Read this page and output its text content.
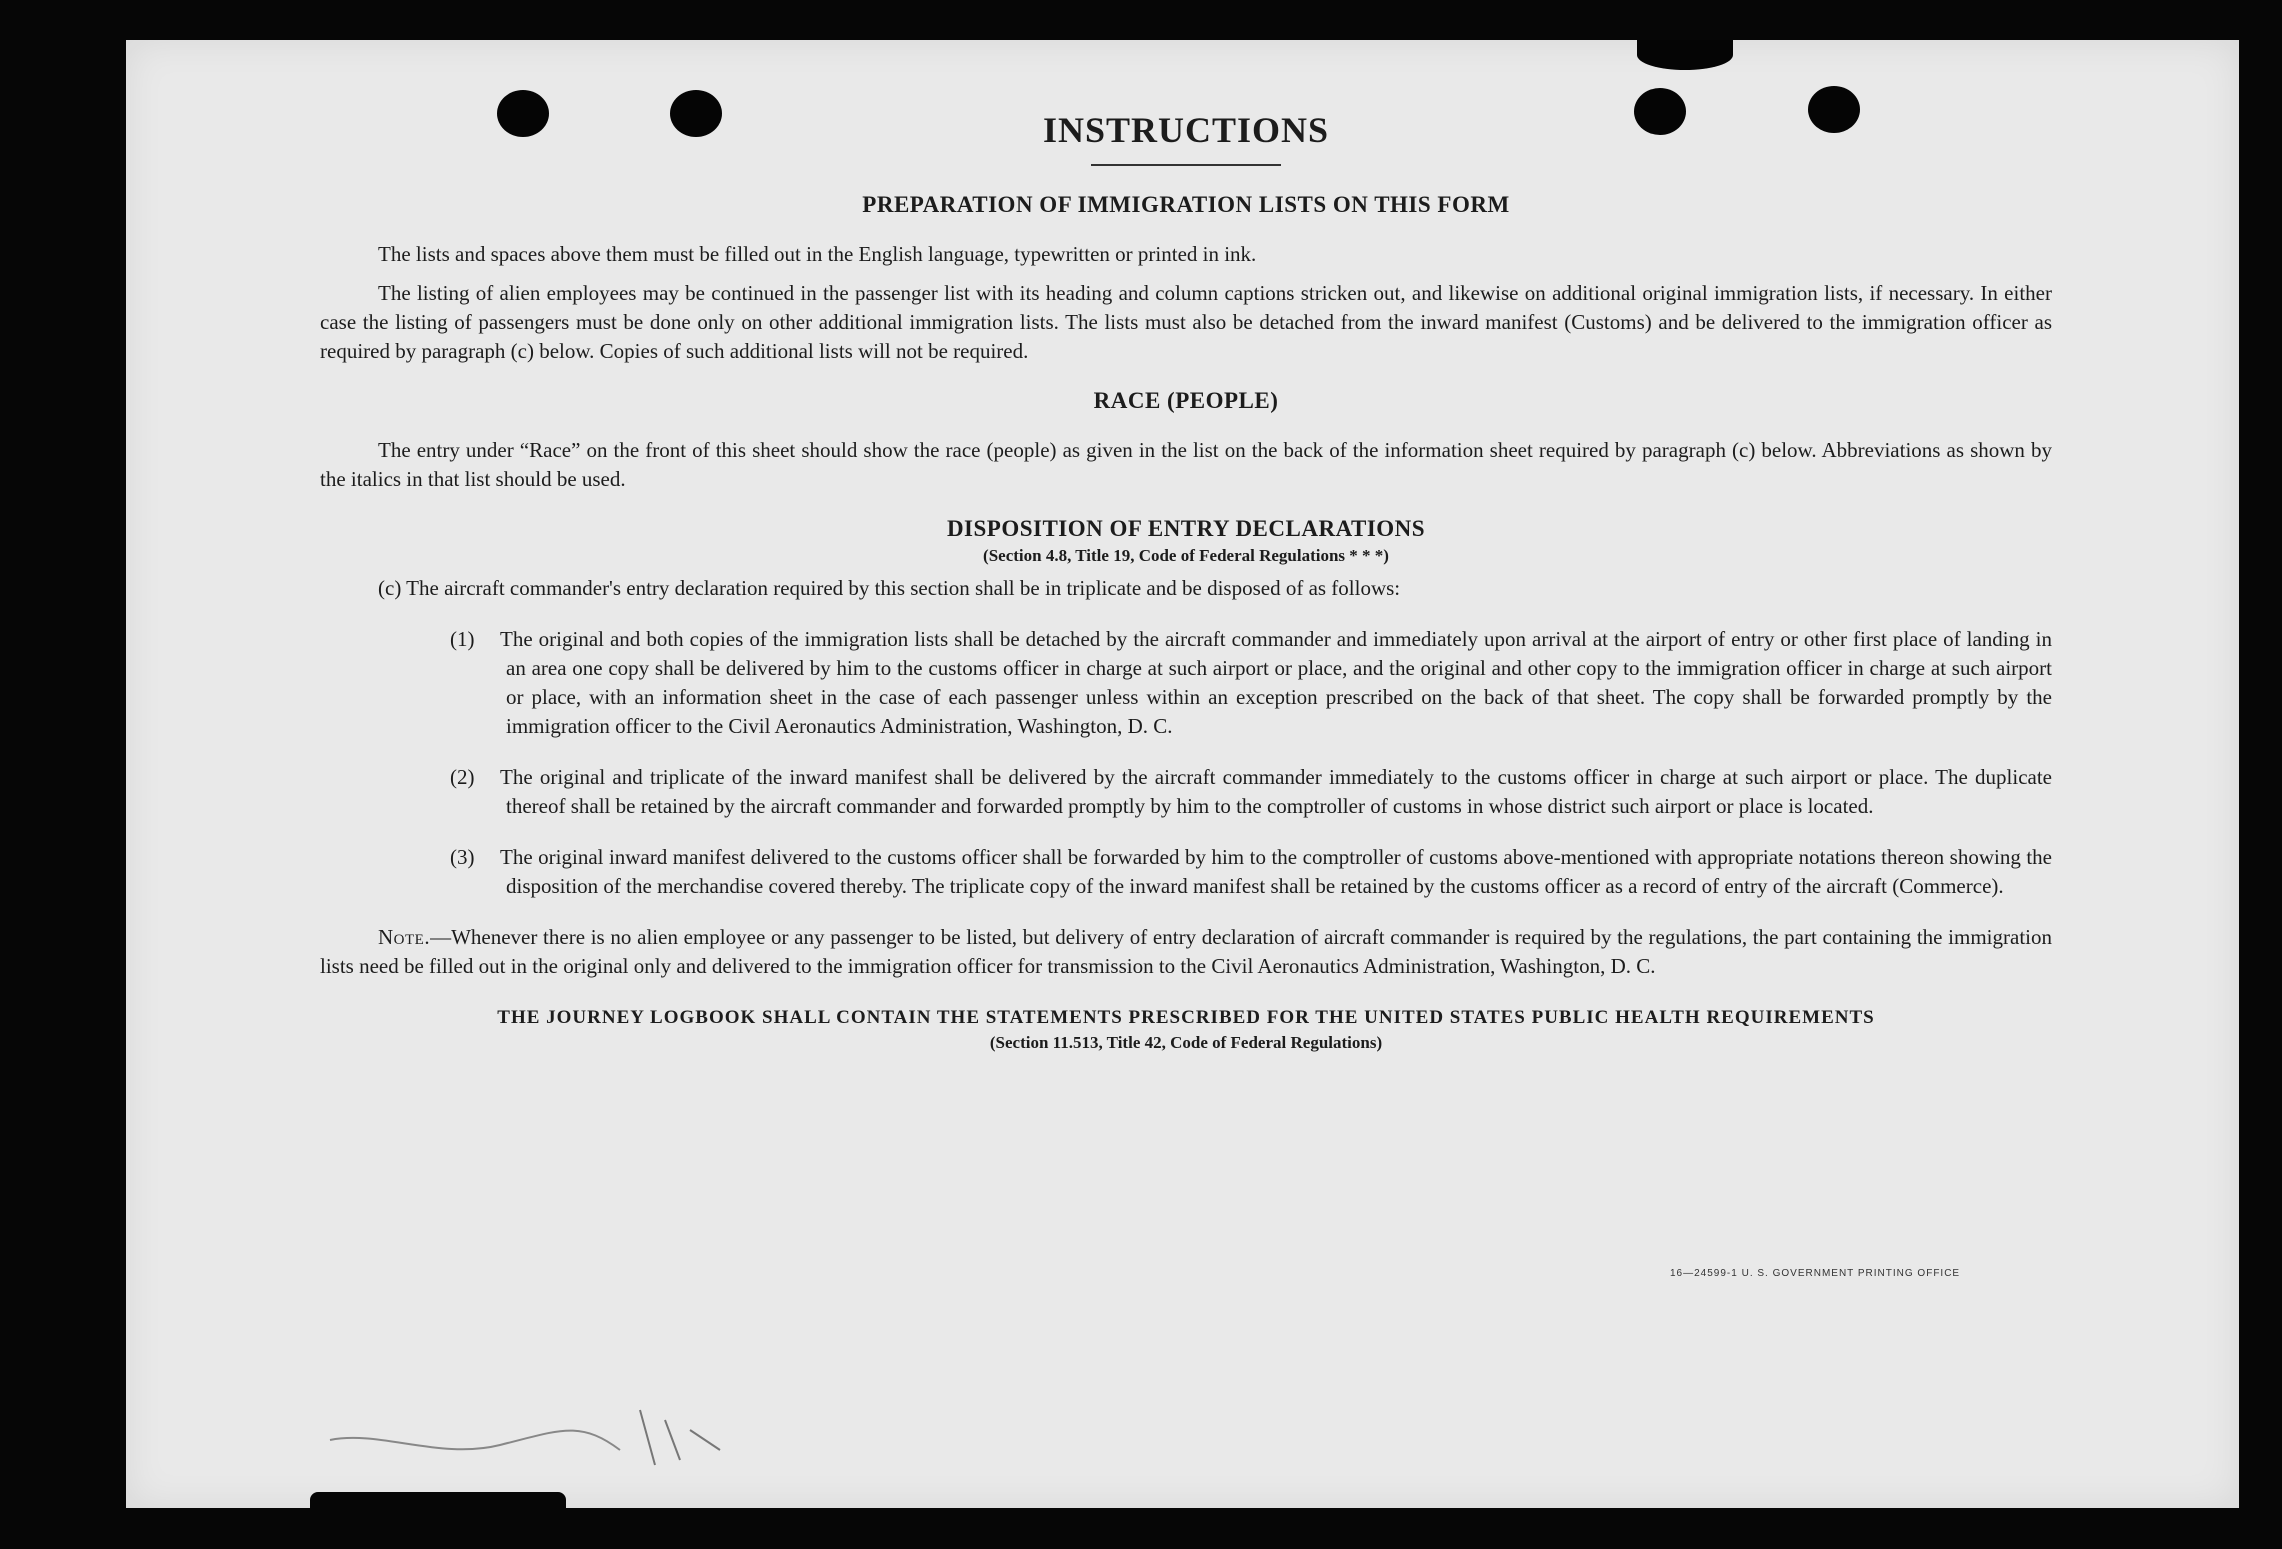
INSTRUCTIONS
PREPARATION OF IMMIGRATION LISTS ON THIS FORM

The lists and spaces above them must be filled out in the English language, typewritten or printed in ink.

The listing of alien employees may be continued in the passenger list with its heading and column captions stricken out, and likewise on additional original immigration lists, if necessary. In either case the listing of passengers must be done only on other additional immigration lists. The lists must also be detached from the inward manifest (Customs) and be delivered to the immigration officer as required by paragraph (c) below. Copies of such additional lists will not be required.

RACE (PEOPLE)

The entry under “Race” on the front of this sheet should show the race (people) as given in the list on the back of the information sheet required by paragraph (c) below. Abbreviations as shown by the italics in that list should be used.

DISPOSITION OF ENTRY DECLARATIONS
(Section 4.8, Title 19, Code of Federal Regulations * * *)

(c) The aircraft commander's entry declaration required by this section shall be in triplicate and be disposed of as follows:

(1) The original and both copies of the immigration lists shall be detached by the aircraft commander and immediately upon arrival at the airport of entry or other first place of landing in an area one copy shall be delivered by him to the customs officer in charge at such airport or place, and the original and other copy to the immigration officer in charge at such airport or place, with an information sheet in the case of each passenger unless within an exception prescribed on the back of that sheet. The copy shall be forwarded promptly by the immigration officer to the Civil Aeronautics Administration, Washington, D. C.

(2) The original and triplicate of the inward manifest shall be delivered by the aircraft commander immediately to the customs officer in charge at such airport or place. The duplicate thereof shall be retained by the aircraft commander and forwarded promptly by him to the comptroller of customs in whose district such airport or place is located.

(3) The original inward manifest delivered to the customs officer shall be forwarded by him to the comptroller of customs above-mentioned with appropriate notations thereon showing the disposition of the merchandise covered thereby. The triplicate copy of the inward manifest shall be retained by the customs officer as a record of entry of the aircraft (Commerce).

Note.—Whenever there is no alien employee or any passenger to be listed, but delivery of entry declaration of aircraft commander is required by the regulations, the part containing the immigration lists need be filled out in the original only and delivered to the immigration officer for transmission to the Civil Aeronautics Administration, Washington, D. C.

THE JOURNEY LOGBOOK SHALL CONTAIN THE STATEMENTS PRESCRIBED FOR THE UNITED STATES PUBLIC HEALTH REQUIREMENTS
(Section 11.513, Title 42, Code of Federal Regulations)
16—24599-1 U. S. GOVERNMENT PRINTING OFFICE
